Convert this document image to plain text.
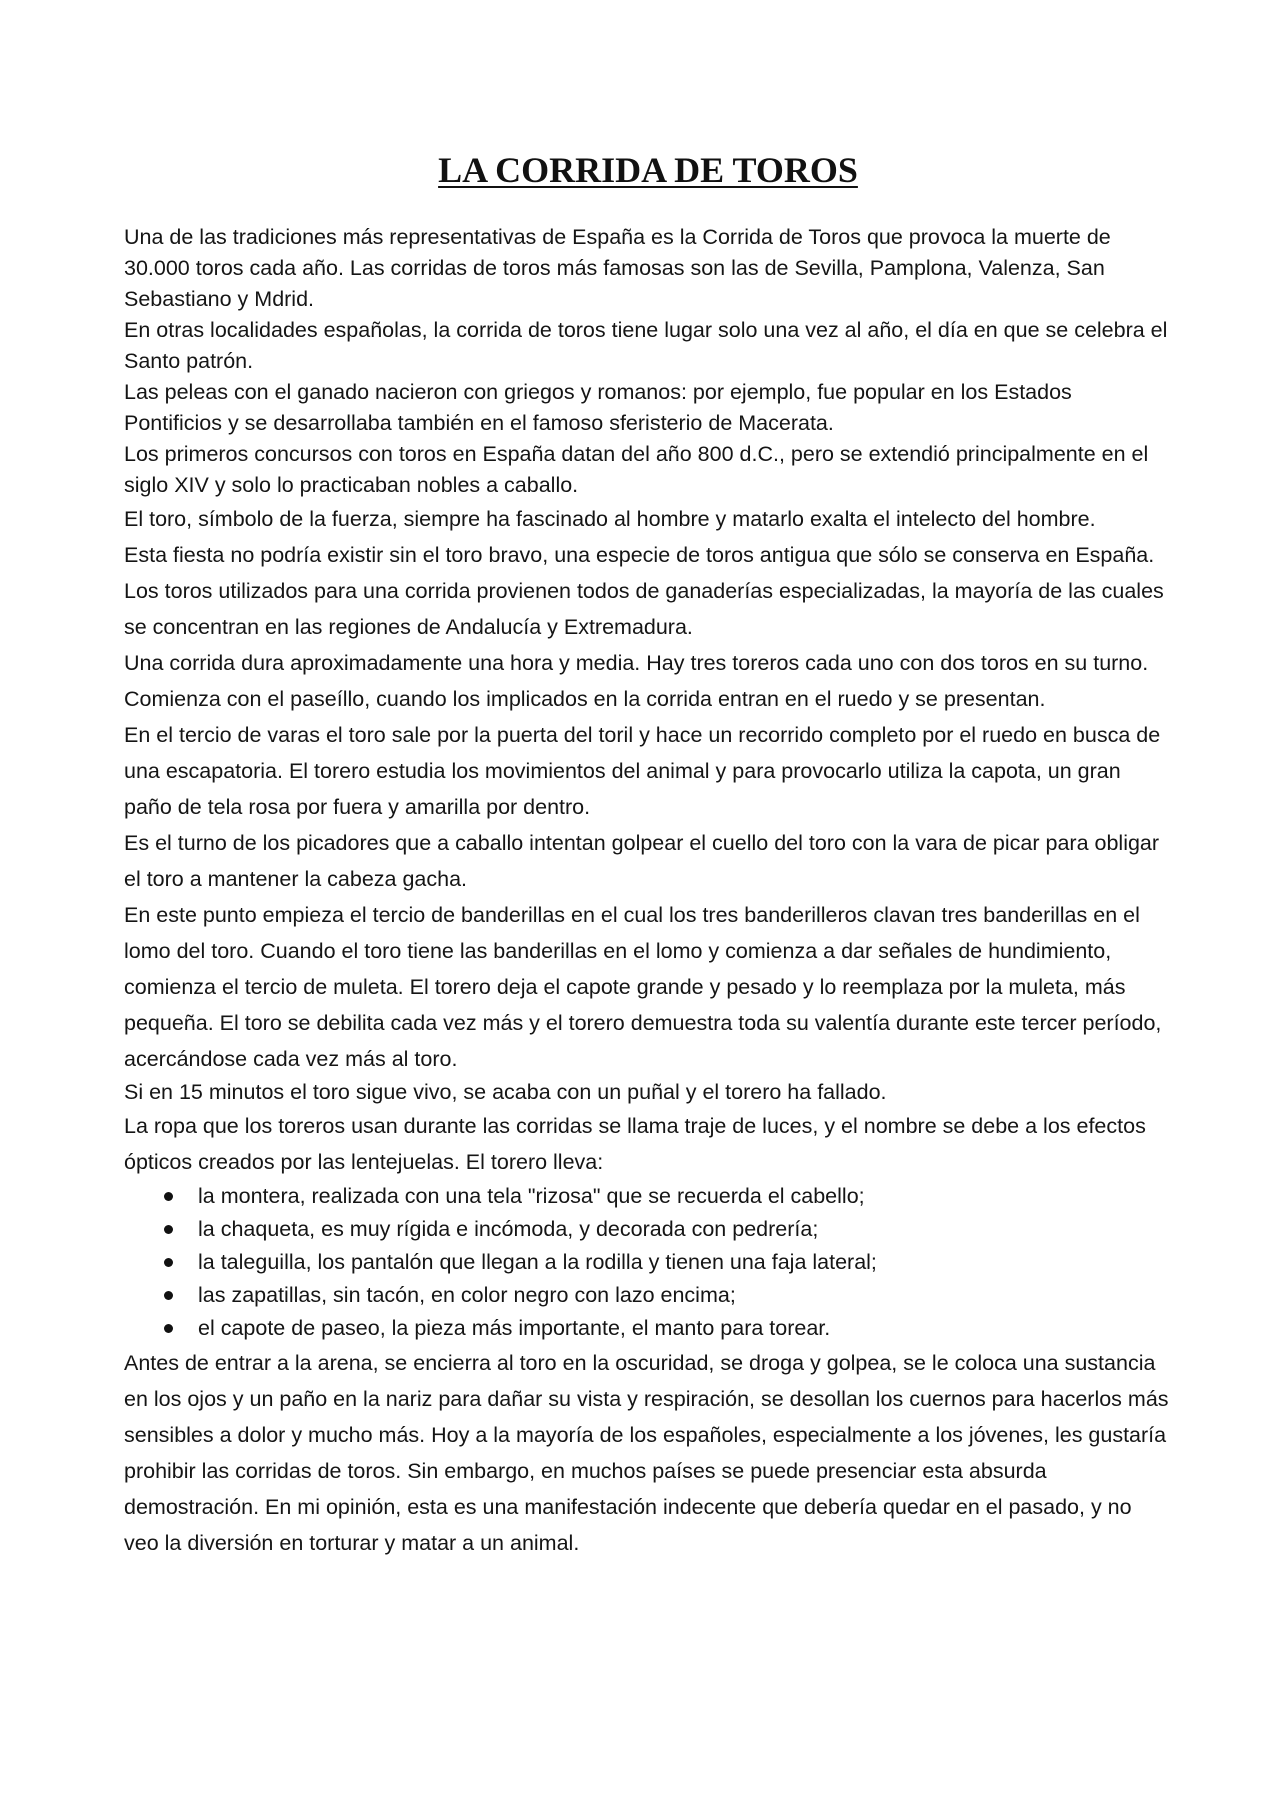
LA CORRIDA DE TOROS

Una de las tradiciones más representativas de España es la Corrida de Toros que provoca la muerte de 30.000 toros cada año. Las corridas de toros más famosas son las de Sevilla, Pamplona, Valenza, San Sebastiano y Mdrid.

En otras localidades españolas, la corrida de toros tiene lugar solo una vez al año, el día en que se celebra el Santo patrón.

Las peleas con el ganado nacieron con griegos y romanos: por ejemplo, fue popular en los Estados Pontificios y se desarrollaba también en el famoso sferisterio de Macerata.

Los primeros concursos con toros en España datan del año 800 d.C., pero se extendió principalmente en el siglo XIV y solo lo practicaban nobles a caballo.

El toro, símbolo de la fuerza, siempre ha fascinado al hombre y matarlo exalta el intelecto del hombre.

Esta fiesta no podría existir sin el toro bravo, una especie de toros antigua que sólo se conserva en España. Los toros utilizados para una corrida provienen todos de ganaderías especializadas, la mayoría de las cuales se concentran en las regiones de Andalucía y Extremadura.

Una corrida dura aproximadamente una hora y media. Hay tres toreros cada uno con dos toros en su turno. Comienza con el paseíllo, cuando los implicados en la corrida entran en el ruedo y se presentan.

En el tercio de varas el toro sale por la puerta del toril y hace un recorrido completo por el ruedo en busca de una escapatoria. El torero estudia los movimientos del animal y para provocarlo utiliza la capota, un gran paño de tela rosa por fuera y amarilla por dentro.

Es el turno de los picadores que a caballo intentan golpear el cuello del toro con la vara de picar para obligar el toro a mantener la cabeza gacha.

En este punto empieza el tercio de banderillas en el cual los tres banderilleros clavan tres banderillas en el lomo del toro. Cuando el toro tiene las banderillas en el lomo y comienza a dar señales de hundimiento, comienza el tercio de muleta. El torero deja el capote grande y pesado y lo reemplaza por la muleta, más pequeña. El toro se debilita cada vez más y el torero demuestra toda su valentía durante este tercer período, acercándose cada vez más al toro.

Si en 15 minutos el toro sigue vivo, se acaba con un puñal y el torero ha fallado.

La ropa que los toreros usan durante las corridas se llama traje de luces, y el nombre se debe a los efectos ópticos creados por las lentejuelas. El torero lleva:

la montera, realizada con una tela "rizosa" que se recuerda el cabello;
la chaqueta, es muy rígida e incómoda, y decorada con pedrería;
la taleguilla, los pantalón que llegan a la rodilla y tienen una faja lateral;
las zapatillas, sin tacón, en color negro con lazo encima;
el capote de paseo, la pieza más importante, el manto para torear.

Antes de entrar a la arena, se encierra al toro en la oscuridad, se droga y golpea, se le coloca una sustancia en los ojos y un paño en la nariz para dañar su vista y respiración, se desollan los cuernos para hacerlos más sensibles a dolor y mucho más. Hoy a la mayoría de los españoles, especialmente a los jóvenes, les gustaría prohibir las corridas de toros. Sin embargo, en muchos países se puede presenciar esta absurda demostración. En mi opinión, esta es una manifestación indecente que debería quedar en el pasado, y no veo la diversión en torturar y matar a un animal.
